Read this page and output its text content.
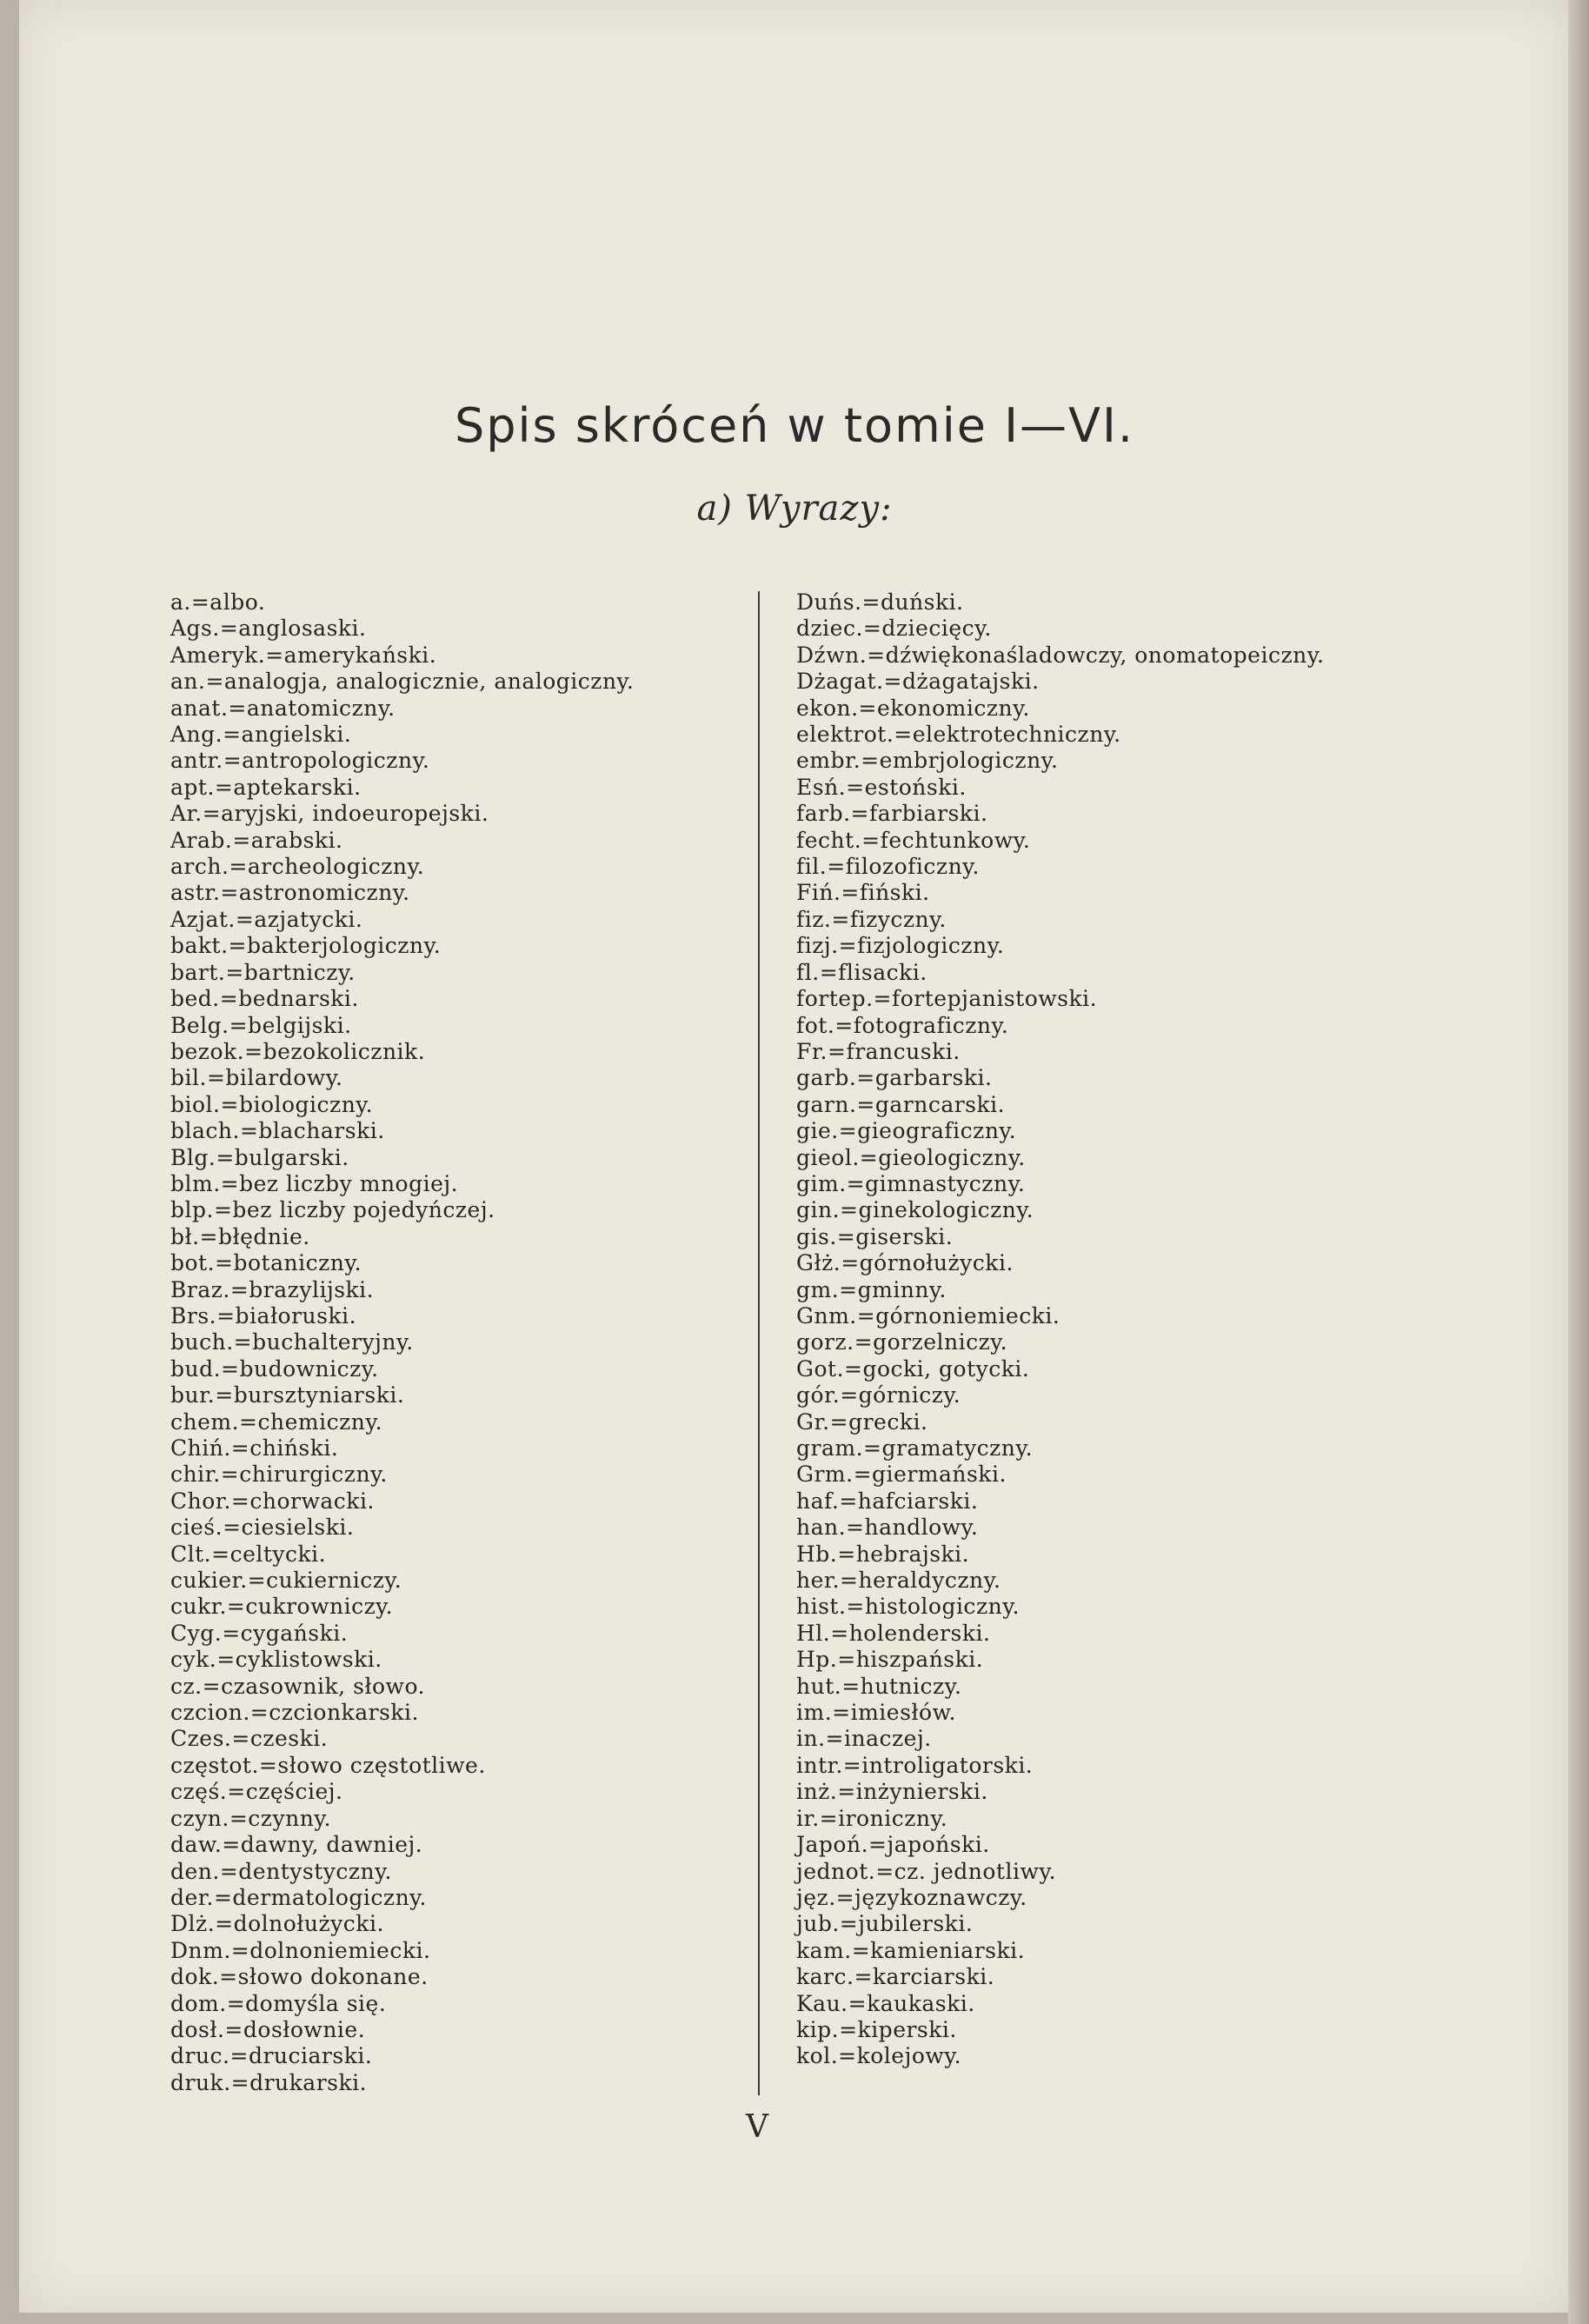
Spis skróceń w tomie I—VI.
a) Wyrazy:
a.=albo.
Ags.=anglosaski.
Ameryk.=amerykański.
an.=analogja, analogicznie, analogiczny.
anat.=anatomiczny.
Ang.=angielski.
antr.=antropologiczny.
apt.=aptekarski.
Ar.=aryjski, indoeuropejski.
Arab.=arabski.
arch.=archeologiczny.
astr.=astronomiczny.
Azjat.=azjatycki.
bakt.=bakterjologiczny.
bart.=bartniczy.
bed.=bednarski.
Belg.=belgijski.
bezok.=bezokolicznik.
bil.=bilardowy.
biol.=biologiczny.
blach.=blacharski.
Blg.=bulgarski.
blm.=bez liczby mnogiej.
blp.=bez liczby pojedyńczej.
bł.=błędnie.
bot.=botaniczny.
Braz.=brazylijski.
Brs.=białoruski.
buch.=buchalteryjny.
bud.=budowniczy.
bur.=bursztyniarski.
chem.=chemiczny.
Chiń.=chiński.
chir.=chirurgiczny.
Chor.=chorwacki.
cieś.=ciesielski.
Clt.=celtycki.
cukier.=cukierniczy.
cukr.=cukrowniczy.
Cyg.=cygański.
cyk.=cyklistowski.
cz.=czasownik, słowo.
czcion.=czcionkarski.
Czes.=czeski.
częstot.=słowo częstotliwe.
częś.=częściej.
czyn.=czynny.
daw.=dawny, dawniej.
den.=dentystyczny.
der.=dermatologiczny.
Dlż.=dolnołużycki.
Dnm.=dolnoniemiecki.
dok.=słowo dokonane.
dom.=domyśla się.
dosł.=dosłownie.
druc.=druciarski.
druk.=drukarski.
Duńs.=duński.
dziec.=dziecięcy.
Dźwn.=dźwiękonaśladowczy, onomatopeiczny.
Dżagat.=dżagatajski.
ekon.=ekonomiczny.
elektrot.=elektrotechniczny.
embr.=embrjologiczny.
Esń.=estoński.
farb.=farbiarski.
fecht.=fechtunkowy.
fil.=filozoficzny.
Fiń.=fiński.
fiz.=fizyczny.
fizj.=fizjologiczny.
fl.=flisacki.
fortep.=fortepjanistowski.
fot.=fotograficzny.
Fr.=francuski.
garb.=garbarski.
garn.=garncarski.
gie.=gieograficzny.
gieol.=gieologiczny.
gim.=gimnastyczny.
gin.=ginekologiczny.
gis.=giserski.
Głż.=górnołużycki.
gm.=gminny.
Gnm.=górnoniemiecki.
gorz.=gorzelniczy.
Got.=gocki, gotycki.
gór.=górniczy.
Gr.=grecki.
gram.=gramatyczny.
Grm.=giermański.
haf.=hafciarski.
han.=handlowy.
Hb.=hebrajski.
her.=heraldyczny.
hist.=histologiczny.
Hl.=holenderski.
Hp.=hiszpański.
hut.=hutniczy.
im.=imiesłów.
in.=inaczej.
intr.=introligatorski.
inż.=inżynierski.
ir.=ironiczny.
Japoń.=japoński.
jednot.=cz. jednotliwy.
jęz.=językoznawczy.
jub.=jubilerski.
kam.=kamieniarski.
karc.=karciarski.
Kau.=kaukaski.
kip.=kiperski.
kol.=kolejowy.
V
